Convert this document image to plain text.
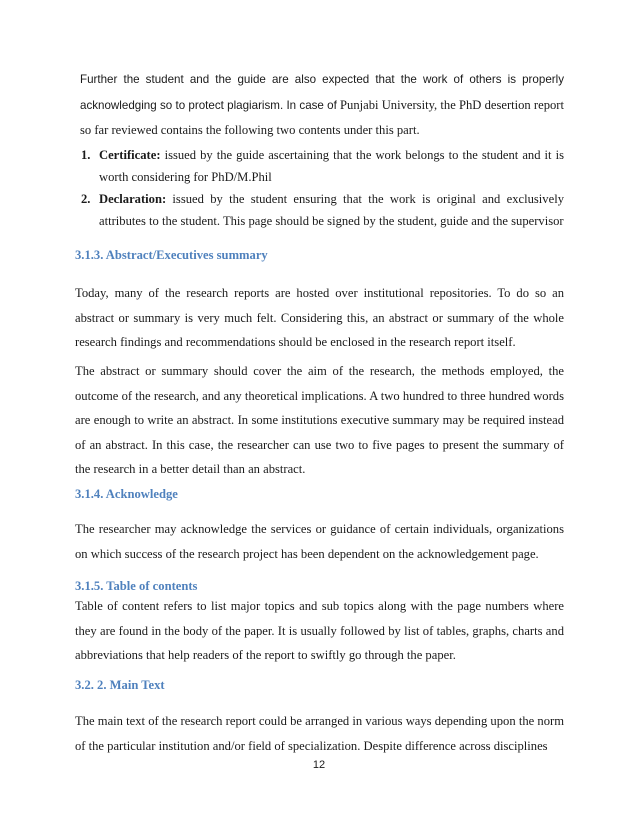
Further the student and the guide are also expected that the work of others is properly acknowledging so to protect plagiarism. In case of Punjabi University, the PhD desertion report so far reviewed contains the following two contents under this part.

1. Certificate: issued by the guide ascertaining that the work belongs to the student and it is worth considering for PhD/M.Phil
2. Declaration: issued by the student ensuring that the work is original and exclusively attributes to the student. This page should be signed by the student, guide and the supervisor
3.1.3. Abstract/Executives summary

Today, many of the research reports are hosted over institutional repositories. To do so an abstract or summary is very much felt. Considering this, an abstract or summary of the whole research findings and recommendations should be enclosed in the research report itself.

The abstract or summary should cover the aim of the research, the methods employed, the outcome of the research, and any theoretical implications. A two hundred to three hundred words are enough to write an abstract. In some institutions executive summary may be required instead of an abstract. In this case, the researcher can use two to five pages to present the summary of the research in a better detail than an abstract.

3.1.4. Acknowledge

The researcher may acknowledge the services or guidance of certain individuals, organizations on which success of the research project has been dependent on the acknowledgement page.

3.1.5. Table of contents

Table of content refers to list major topics and sub topics along with the page numbers where they are found in the body of the paper. It is usually followed by list of tables, graphs, charts and abbreviations that help readers of the report to swiftly go through the paper.

3.2. 2. Main Text

The main text of the research report could be arranged in various ways depending upon the norm of the particular institution and/or field of specialization. Despite difference across disciplines

12
